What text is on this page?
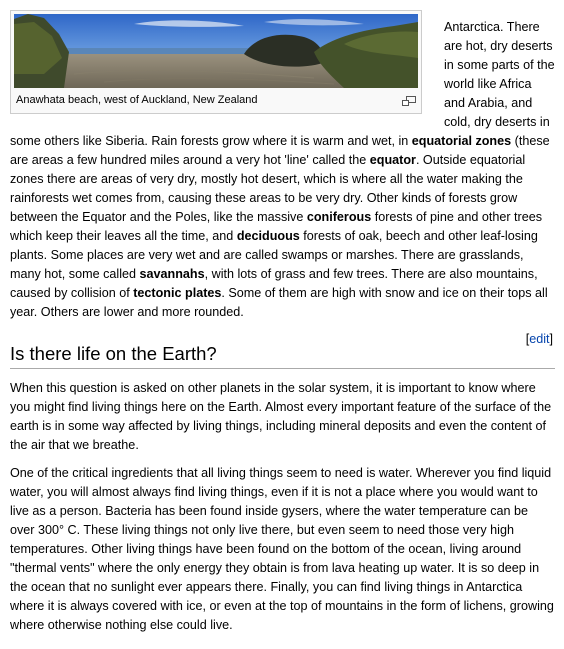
Anawhata beach, west of Auckland, New Zealand

Antarctica. There are hot, dry deserts in some parts of the world like Africa and Arabia, and cold, dry deserts in some others like Siberia. Rain forests grow where it is warm and wet, in equatorial zones (these are areas a few hundred miles around a very hot 'line' called the equator. Outside equatorial zones there are areas of very dry, mostly hot desert, which is where all the water making the rainforests wet comes from, causing these areas to be very dry. Other kinds of forests grow between the Equator and the Poles, like the massive coniferous forests of pine and other trees which keep their leaves all the time, and deciduous forests of oak, beech and other leaf-losing plants. Some places are very wet and are called swamps or marshes. There are grasslands, many hot, some called savannahs, with lots of grass and few trees. There are also mountains, caused by collision of tectonic plates. Some of them are high with snow and ice on their tops all year. Others are lower and more rounded.

[edit]
Is there life on the Earth?

When this question is asked on other planets in the solar system, it is important to know where you might find living things here on the Earth. Almost every important feature of the surface of the earth is in some way affected by living things, including mineral deposits and even the content of the air that we breathe.

One of the critical ingredients that all living things seem to need is water. Wherever you find liquid water, you will almost always find living things, even if it is not a place where you would want to live as a person. Bacteria has been found inside gysers, where the water temperature can be over 300° C. These living things not only live there, but even seem to need those very high temperatures. Other living things have been found on the bottom of the ocean, living around "thermal vents" where the only energy they obtain is from lava heating up water. It is so deep in the ocean that no sunlight ever appears there. Finally, you can find living things in Antarctica where it is always covered with ice, or even at the top of mountains in the form of lichens, growing where otherwise nothing else could live.
